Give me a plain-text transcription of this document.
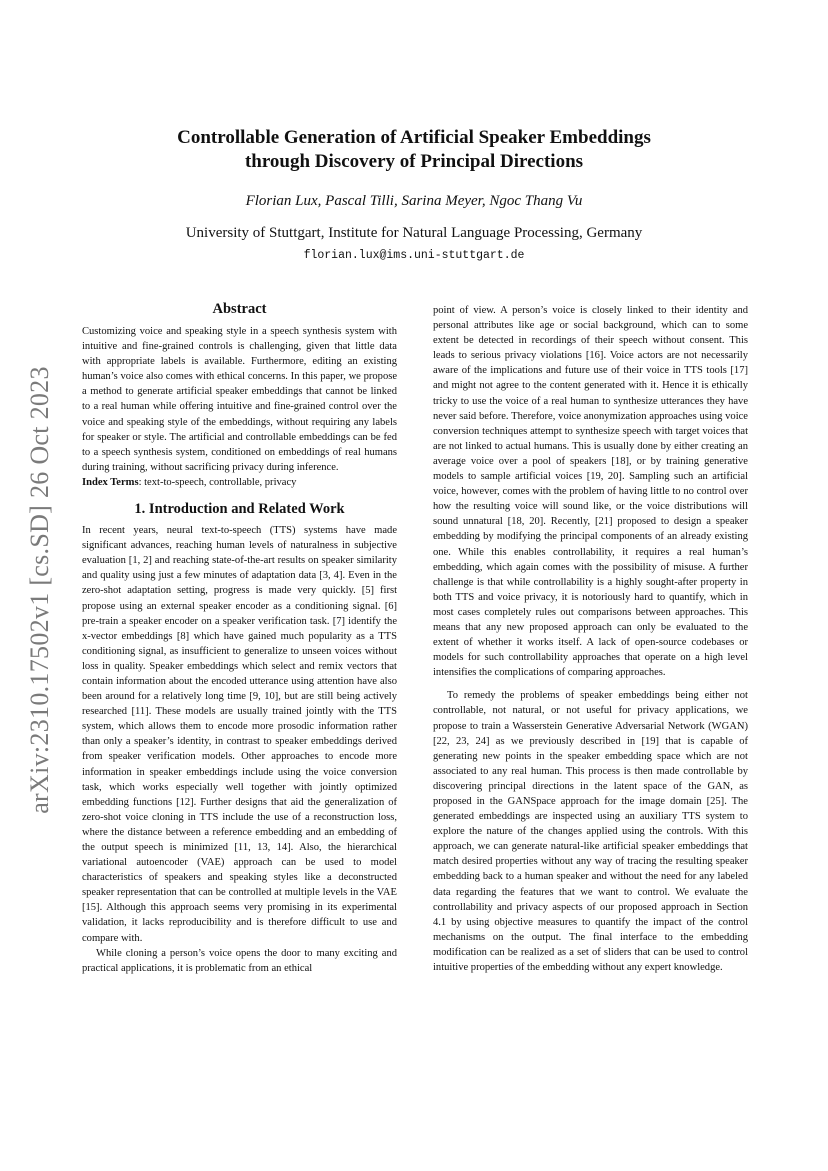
arXiv:2310.17502v1 [cs.SD] 26 Oct 2023
Controllable Generation of Artificial Speaker Embeddings
through Discovery of Principal Directions
Florian Lux, Pascal Tilli, Sarina Meyer, Ngoc Thang Vu
University of Stuttgart, Institute for Natural Language Processing, Germany
florian.lux@ims.uni-stuttgart.de
Abstract

Customizing voice and speaking style in a speech synthesis system with intuitive and fine-grained controls is challenging, given that little data with appropriate labels is available. Furthermore, editing an existing human’s voice also comes with ethical concerns. In this paper, we propose a method to generate artificial speaker embeddings that cannot be linked to a real human while offering intuitive and fine-grained control over the voice and speaking style of the embeddings, without requiring any labels for speaker or style. The artificial and controllable embeddings can be fed to a speech synthesis system, conditioned on embeddings of real humans during training, without sacrificing privacy during inference.

Index Terms: text-to-speech, controllable, privacy

1. Introduction and Related Work

In recent years, neural text-to-speech (TTS) systems have made significant advances, reaching human levels of naturalness in subjective evaluation [1, 2] and reaching state-of-the-art results on speaker similarity and quality using just a few minutes of adaptation data [3, 4]. Even in the zero-shot adaptation setting, progress is made very quickly. [5] first propose using an external speaker encoder as a conditioning signal. [6] pre-train a speaker encoder on a speaker verification task. [7] identify the x-vector embeddings [8] which have gained much popularity as a TTS conditioning signal, as insufficient to generalize to unseen voices without loss in quality. Speaker embeddings which select and remix vectors that contain information about the encoded utterance using attention have also been around for a relatively long time [9, 10], but are still being actively researched [11]. These models are usually trained jointly with the TTS system, which allows them to encode more prosodic information rather than only a speaker’s identity, in contrast to speaker embeddings derived from speaker verification models. Other approaches to encode more information in speaker embeddings include using the voice conversion task, which works especially well together with jointly optimized embedding functions [12]. Further designs that aid the generalization of zero-shot voice cloning in TTS include the use of a reconstruction loss, where the distance between a reference embedding and an embedding of the output speech is minimized [11, 13, 14]. Also, the hierarchical variational autoencoder (VAE) approach can be used to model characteristics of speakers and speaking styles like a deconstructed speaker representation that can be controlled at multiple levels in the VAE [15]. Although this approach seems very promising in its experimental validation, it lacks reproducibility and is therefore difficult to use and compare with.

While cloning a person’s voice opens the door to many exciting and practical applications, it is problematic from an ethical

point of view. A person’s voice is closely linked to their identity and personal attributes like age or social background, which can to some extent be detected in recordings of their speech without consent. This leads to serious privacy violations [16]. Voice actors are not necessarily aware of the implications and future use of their voice in TTS tools [17] and might not agree to the content generated with it. Hence it is ethically tricky to use the voice of a real human to synthesize utterances they have never said before. Therefore, voice anonymization approaches using voice conversion techniques attempt to synthesize speech with target voices that are not linked to actual humans. This is usually done by either creating an average voice over a pool of speakers [18], or by training generative models to sample artificial voices [19, 20]. Sampling such an artificial voice, however, comes with the problem of having little to no control over how the resulting voice will sound like, or the voice distributions will sound unnatural [18, 20]. Recently, [21] proposed to design a speaker embedding by modifying the principal components of an already existing one. While this enables controllability, it requires a real human’s embedding, which again comes with the possibility of misuse. A further challenge is that while controllability is a highly sought-after property in both TTS and voice privacy, it is notoriously hard to quantify, which in most cases completely rules out comparisons between approaches. This means that any new proposed approach can only be evaluated to the extent of whether it works itself. A lack of open-source codebases or models for such controllability approaches that operate on a high level intensifies the complications of comparing approaches.

To remedy the problems of speaker embeddings being either not controllable, not natural, or not useful for privacy applications, we propose to train a Wasserstein Generative Adversarial Network (WGAN) [22, 23, 24] as we previously described in [19] that is capable of generating new points in the speaker embedding space which are not associated to any real human. This process is then made controllable by discovering principal directions in the latent space of the GAN, as proposed in the GANSpace approach for the image domain [25]. The generated embeddings are inspected using an auxiliary TTS system to explore the nature of the changes applied using the controls. With this approach, we can generate natural-like artificial speaker embeddings that match desired properties without any way of tracing the resulting speaker embedding back to a human speaker and without the need for any labeled data regarding the features that we want to control. We evaluate the controllability and privacy aspects of our proposed approach in Section 4.1 by using objective measures to quantify the impact of the control mechanisms on the output. The final interface to the embedding modification can be realized as a set of sliders that can be used to control intuitive properties of the embedding without any expert knowledge.
